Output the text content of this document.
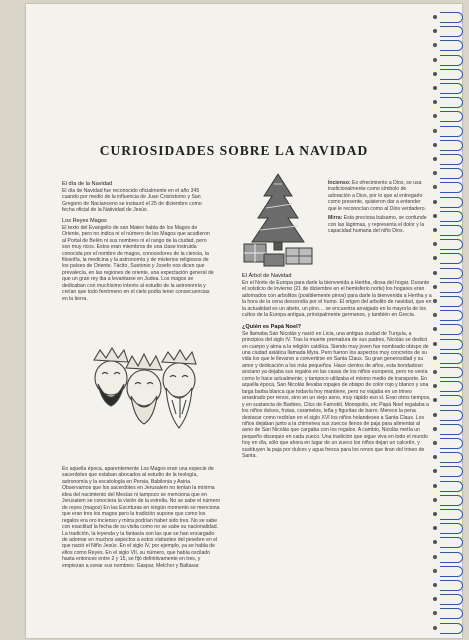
CURIOSIDADES SOBRE LA NAVIDAD
El día de la Navidad

El día de Navidad fue reconocido oficialmente en el año 345 cuando por medio de la influencia de Juan Crisóstomo y San Gregorio de Nacianceno se instauró el 25 de diciembre como fecha oficial de la Natividad de Jesús.

Los Reyes Magos

El texto del Evangelio de san Mateo habla de los Magos de Oriente, pero no indica ni el número de los Magos que acudieron al Portal de Belén ni sus nombres ni el rango de la ciudad, pero son muy ricos. Estos eran miembros de una clase instruida conocida por el nombre de magos, conocedores de la ciencia, la filosofía, la medicina y la astronomía y de misterios religiosos de los países de Oriente. Tácito, Suetonio y Josefo nos dicen que prevalecía, en las regiones de oriente, una expectación general de que un gran rey iba a levantarse en Judea. Los magos se dedicaban con muchísimo interés al estudio de la astronomía y creían que todo fenómeno en el cielo podía tener consecuencias en la tierra.

En aquella época, aparentemente Los Magos eran una especie de sacerdotes que estaban abocados al estudio de la teología, astronomía y la escatología en Persia, Babilonia y Asiria. Observamos que los sacerdotes en Jerusalem no tenían la mínima idea del nacimiento del Mesías ni tampoco se menciona que en Jerusalem se conociera la visión de la estrella. No se sabe el número de reyes (magos) En las Escrituras en ningún momento se menciona que eran tres los magos pero la tradición supone que como los regalos era oro incienso y mirra podrían haber sido tres. No se sabe con exactitud la fecha de su visita como no se sabe su nacionalidad. La tradición, la leyenda y la fantasía son las que se han encargado de adornar en muchos aspectos a estos visitantes del pesebre en el que nació el Niño Jesús. En el siglo IV, por ejemplo, ya se habla de ellos como Reyes. En el siglo VII, su número, que había oscilado hasta entonces entre 2 y 15, se fijó definitivamente en tres, y empiezan a sonar sus nombres: Gaspar, Melchor y Baltasar.

Incienso: Es ofrecimiento a Dios, se usa tradicionalmente como símbolo de adoración a Dios, por lo que al entregarlo como presente, quisieron dar a entender que le reconocían como al Dios verdadero.

Mirra: Esta preciosa balsamo, se confunde con las lágrimas, y representa el dolor y la capacidad humana del niño Dios.

El Árbol de Navidad

En el Norte de Europa para darle la bienvenida a Hertha, diosa del hogar. Durante el solsticio de invierno (21 de diciembre en el hemisferio norte) los hogares eran adornados con arbolitos (posiblemente pinos) para darle la bienvenida a Hertha y a la hora de la cena descendía por el humo. El origen del arbolito de navidad, que en la actualidad es un abeto, un pino… se encuentra arraigado en la mayoría de los cultos de la Europa antigua, principalmente germanos, y también en Grecia.

¿Quién es Papá Noel?

Se llamaba San Nicolás y nació en Licia, una antigua ciudad de Turquía, a principios del siglo IV. Tras la muerte prematura de sus padres, Nicolás se dedicó en cuerpo y alma a la religión católica. Siendo muy joven fue nombrado obispo de una ciudad asiática llamada Myra. Pero fueron los aspectos muy concretos de su vida los que le llevaron a convertirse en Santa Claus. Su gran generosidad y su amor y dedicación a los más pequeños. Hace cientos de años, esta bondadoso anciano ya dejaba sus regalos en las casas de los niños europeos, pero no venía como lo hace actualmente, y tampoco utilizaba el mismo medio de transporte. En aquella época, San Nicolás llevaba ropajes de obispo de color rojo y blanco y una larga barba blanca que todavía hoy mantiene, pero no viajaba en un trineo arrastrado por renos, sino en un viejo asno, muy rápido eso sí. Eran otros tiempos, y en sustancia de Barbies, Clics de Famobil, Monopolis, etc Papá Noel regalaba a los niños dulces, frutas, caramelos, leña y figuritas de barro. Merece la pena destacar como recibían en el siglo XVI los niños holandeses a Santa Claus. Los niños dejaban junto a la chimenea sus zuecos llenos de paja para alimentar al asno de San Nicolás que cargaba con los regalos. A cambio, Nicolás metía un pequeño obsequio en cada zueco. Una tradición que sigue viva en todo el mundo hoy en día, sólo que ahora en lugar de un zueco los niños dejan un calcetín, y sustituyen la paja por dulces y agua fresca para los renos que tiran del trineo de Santa.
